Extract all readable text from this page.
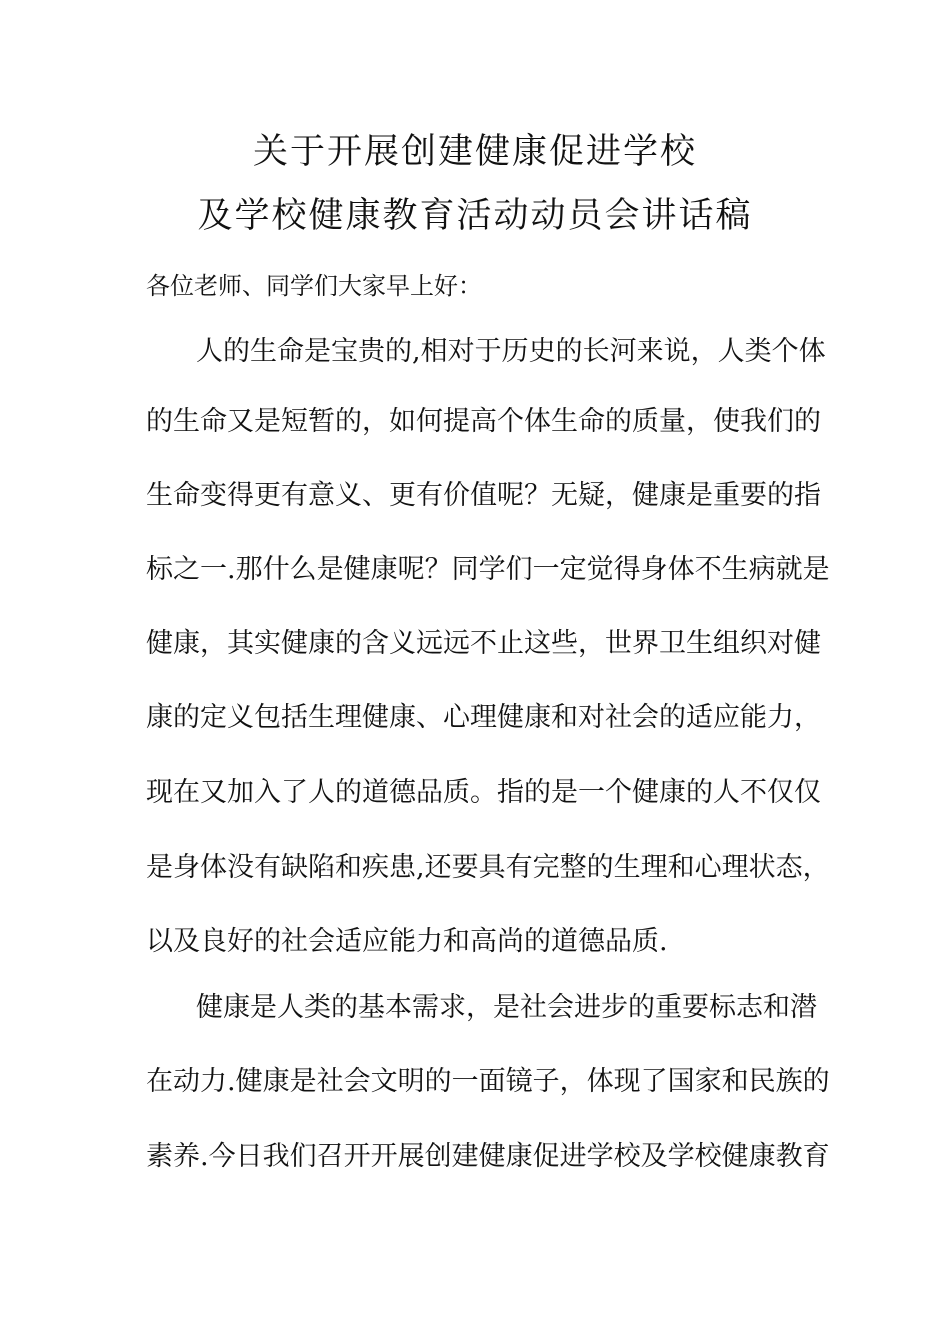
关于开展创建健康促进学校
及学校健康教育活动动员会讲话稿
各位老师、同学们大家早上好：
人的生命是宝贵的,相对于历史的长河来说，人类个体
的生命又是短暂的，如何提高个体生命的质量，使我们的
生命变得更有意义、更有价值呢？无疑，健康是重要的指
标之一.那什么是健康呢？同学们一定觉得身体不生病就是
健康，其实健康的含义远远不止这些，世界卫生组织对健
康的定义包括生理健康、心理健康和对社会的适应能力，
现在又加入了人的道德品质。指的是一个健康的人不仅仅
是身体没有缺陷和疾患,还要具有完整的生理和心理状态，
以及良好的社会适应能力和高尚的道德品质.
健康是人类的基本需求，是社会进步的重要标志和潜
在动力.健康是社会文明的一面镜子，体现了国家和民族的
素养.今日我们召开开展创建健康促进学校及学校健康教育
